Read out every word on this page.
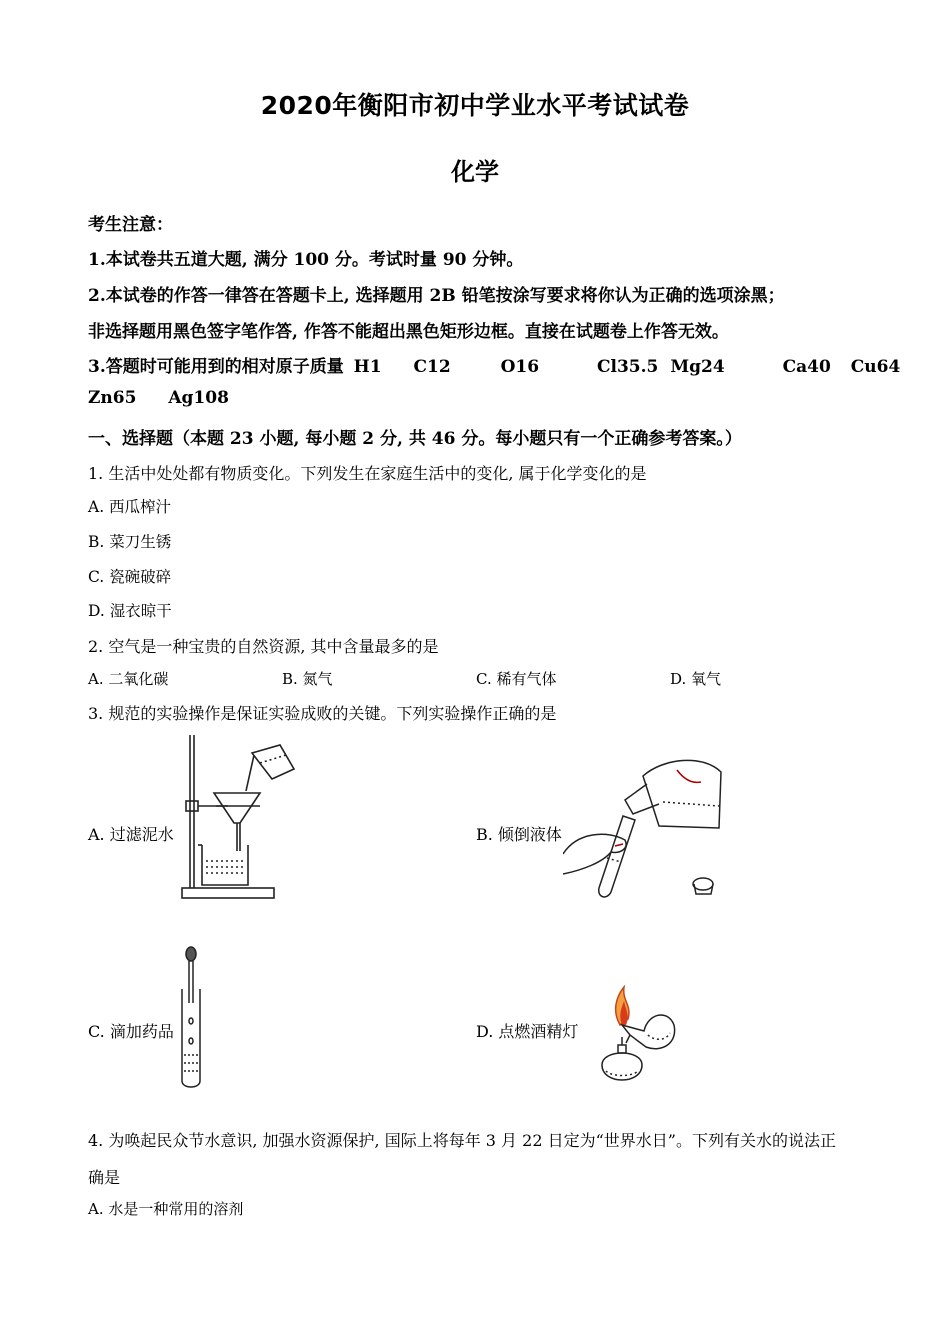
2020年衡阳市初中学业水平考试试卷
化学
考生注意：
1.本试卷共五道大题, 满分 100 分。考试时量 90 分钟。
2.本试卷的作答一律答在答题卡上, 选择题用 2B 铅笔按涂写要求将你认为正确的选项涂黑；
非选择题用黑色签字笔作答, 作答不能超出黑色矩形边框。直接在试题卷上作答无效。
3.答题时可能用到的相对原子质量 H1 C12	O16	Cl35.5 Mg24	Ca40 Cu64
Zn65 Ag108
一、选择题（本题 23 小题, 每小题 2 分, 共 46 分。每小题只有一个正确参考答案。）
1. 生活中处处都有物质变化。下列发生在家庭生活中的变化, 属于化学变化的是
A. 西瓜榨汁
B. 菜刀生锈
C. 瓷碗破碎
D. 湿衣晾干
2. 空气是一种宝贵的自然资源, 其中含量最多的是
A. 二氧化碳	B. 氮气	C. 稀有气体	D. 氧气
3. 规范的实验操作是保证实验成败的关键。下列实验操作正确的是
A. 过滤泥水	B. 倾倒液体
C. 滴加药品	D. 点燃酒精灯
4. 为唤起民众节水意识, 加强水资源保护, 国际上将每年 3 月 22 日定为“世界水日”。下列有关水的说法正
确是
A. 水是一种常用的溶剂
